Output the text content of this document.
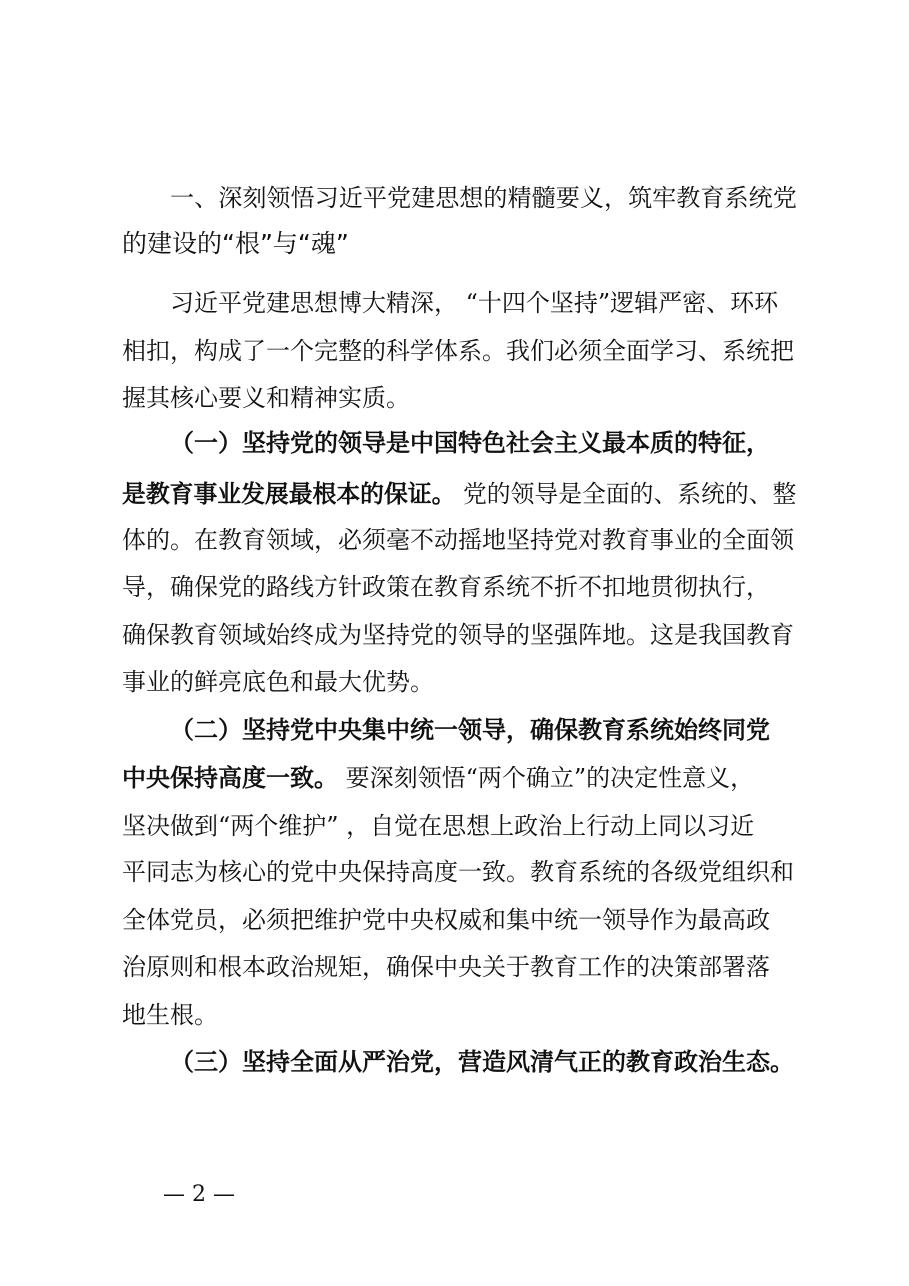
一、深刻领悟习近平党建思想的精髓要义，筑牢教育系统党
的建设的“根”与“魂”
习近平党建思想博大精深， “十四个坚持”逻辑严密、环环
相扣，构成了一个完整的科学体系。我们必须全面学习、系统把
握其核心要义和精神实质。
（一）坚持党的领导是中国特色社会主义最本质的特征，
是教育事业发展最根本的保证。 党的领导是全面的、系统的、整
体的。在教育领域，必须毫不动摇地坚持党对教育事业的全面领
导，确保党的路线方针政策在教育系统不折不扣地贯彻执行，
确保教育领域始终成为坚持党的领导的坚强阵地。这是我国教育
事业的鲜亮底色和最大优势。
（二）坚持党中央集中统一领导，确保教育系统始终同党
中央保持高度一致。 要深刻领悟“两个确立”的决定性意义，
坚决做到“两个维护” ，自觉在思想上政治上行动上同以习近
平同志为核心的党中央保持高度一致。教育系统的各级党组织和
全体党员，必须把维护党中央权威和集中统一领导作为最高政
治原则和根本政治规矩，确保中央关于教育工作的决策部署落
地生根。
（三）坚持全面从严治党，营造风清气正的教育政治生态。
— 2 —
